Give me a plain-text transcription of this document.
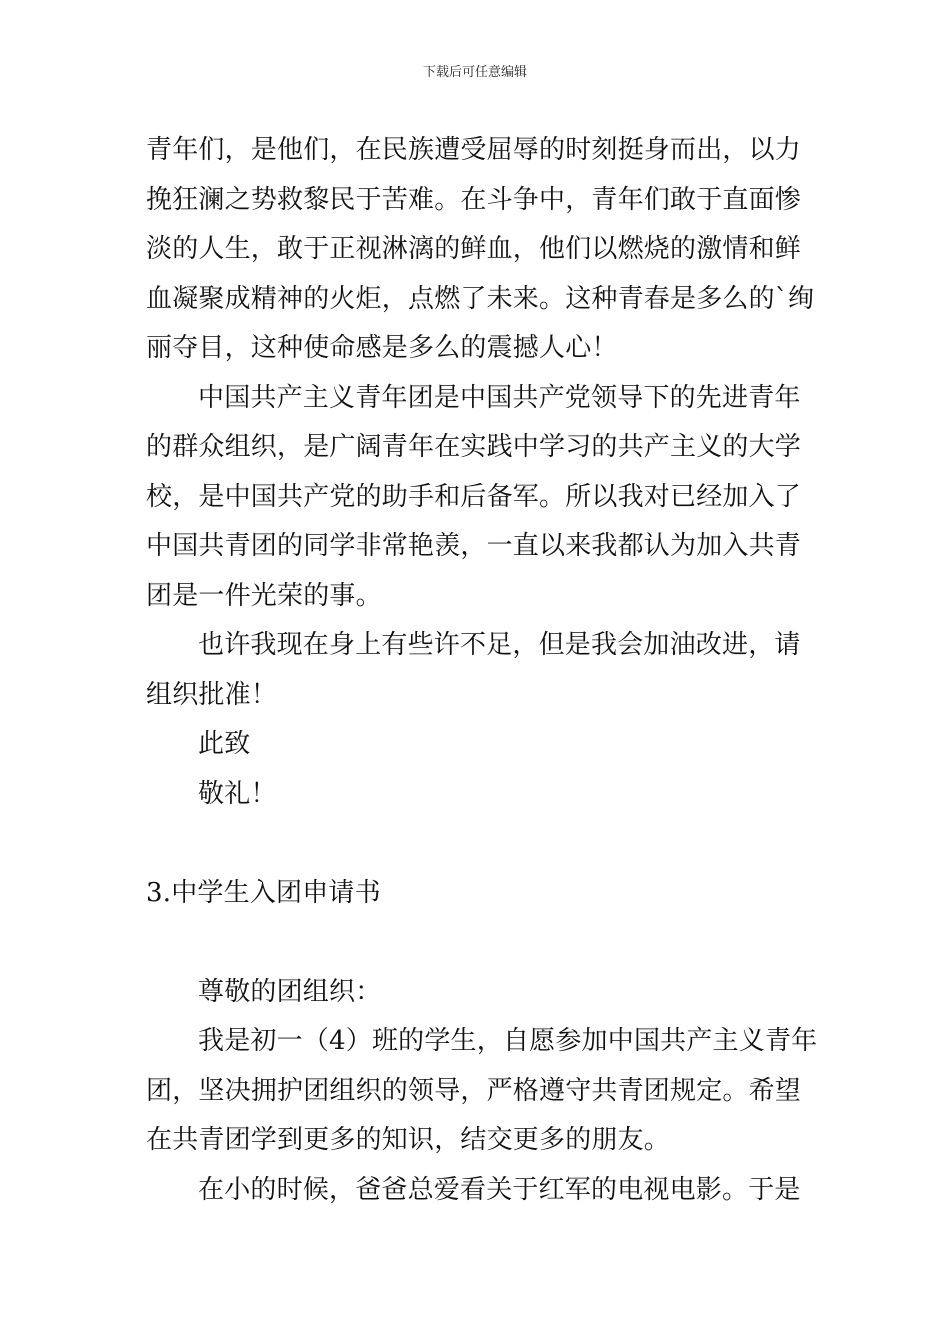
下载后可任意编辑
青年们，是他们，在民族遭受屈辱的时刻挺身而出，以力
挽狂澜之势救黎民于苦难。在斗争中，青年们敢于直面惨
淡的人生，敢于正视淋漓的鲜血，他们以燃烧的激情和鲜
血凝聚成精神的火炬，点燃了未来。这种青春是多么的`绚
丽夺目，这种使命感是多么的震撼人心！
中国共产主义青年团是中国共产党领导下的先进青年
的群众组织，是广阔青年在实践中学习的共产主义的大学
校，是中国共产党的助手和后备军。所以我对已经加入了
中国共青团的同学非常艳羡，一直以来我都认为加入共青
团是一件光荣的事。
也许我现在身上有些许不足，但是我会加油改进，请
组织批准！
此致
敬礼！
3.中学生入团申请书
尊敬的团组织：
我是初一（4）班的学生，自愿参加中国共产主义青年
团，坚决拥护团组织的领导，严格遵守共青团规定。希望
在共青团学到更多的知识，结交更多的朋友。
在小的时候，爸爸总爱看关于红军的电视电影。于是
